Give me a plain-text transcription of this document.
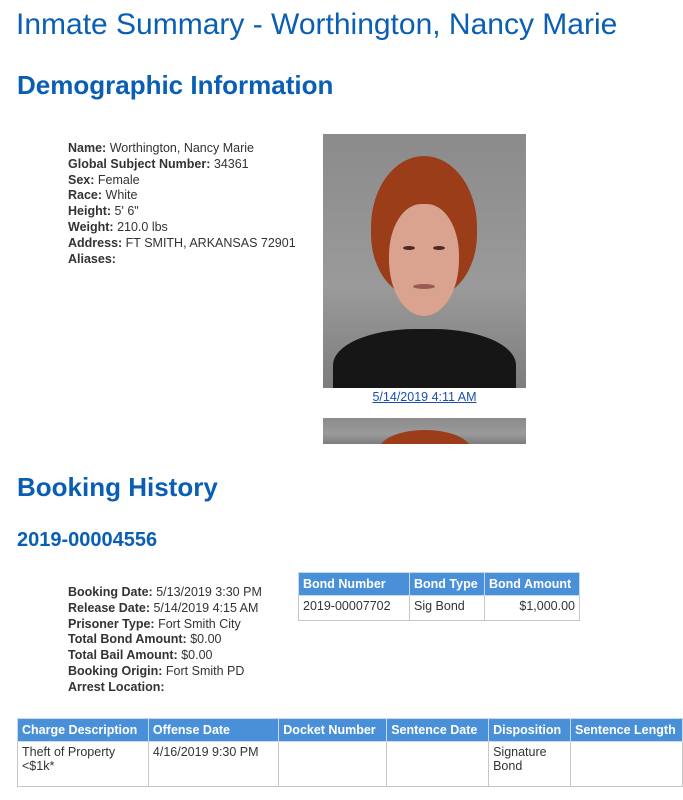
Inmate Summary - Worthington, Nancy Marie
Demographic Information
Name: Worthington, Nancy Marie
Global Subject Number: 34361
Sex: Female
Race: White
Height: 5' 6"
Weight: 210.0 lbs
Address: FT SMITH, ARKANSAS 72901
Aliases:
5/14/2019 4:11 AM
Booking History
2019-00004556
Booking Date: 5/13/2019 3:30 PM
Release Date: 5/14/2019 4:15 AM
Prisoner Type: Fort Smith City
Total Bond Amount: $0.00
Total Bail Amount: $0.00
Booking Origin: Fort Smith PD
Arrest Location:
Bond Number	Bond Type	Bond Amount
2019-00007702	Sig Bond	$1,000.00
Charge Description	Offense Date	Docket Number	Sentence Date	Disposition	Sentence Length
Theft of Property <$1k*	4/16/2019 9:30 PM			Signature Bond	
